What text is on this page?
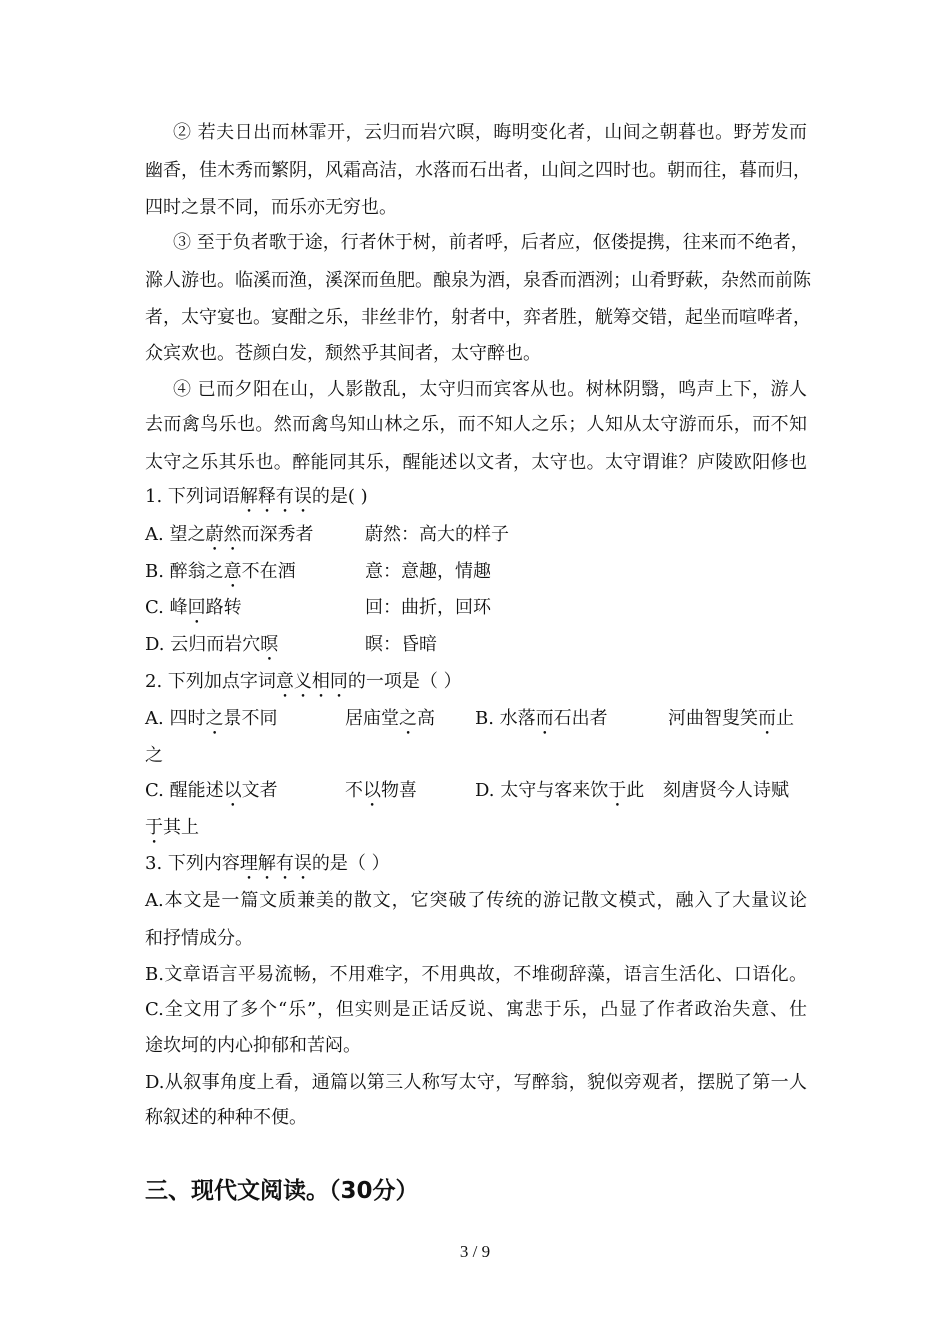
② 若夫日出而林霏开，云归而岩穴暝，晦明变化者，山间之朝暮也。野芳发而
幽香，佳木秀而繁阴，风霜高洁，水落而石出者，山间之四时也。朝而往，暮而归，
四时之景不同，而乐亦无穷也。
③ 至于负者歌于途，行者休于树，前者呼，后者应，伛偻提携，往来而不绝者，
滁人游也。临溪而渔，溪深而鱼肥。酿泉为酒，泉香而酒洌；山肴野蔌，杂然而前陈
者，太守宴也。宴酣之乐，非丝非竹，射者中，弈者胜，觥筹交错，起坐而喧哗者，
众宾欢也。苍颜白发，颓然乎其间者，太守醉也。
④ 已而夕阳在山，人影散乱，太守归而宾客从也。树林阴翳，鸣声上下，游人
去而禽鸟乐也。然而禽鸟知山林之乐，而不知人之乐；人知从太守游而乐，而不知
太守之乐其乐也。醉能同其乐，醒能述以文者，太守也。太守谓谁？庐陵欧阳修也
1. 下列词语解释有误的是( )
A. 望之蔚然而深秀者	蔚然：高大的样子
B. 醉翁之意不在酒	意：意趣，情趣
C. 峰回路转	回：曲折，回环
D. 云归而岩穴暝	暝：昏暗
2. 下列加点字词意义相同的一项是（ ）
A. 四时之景不同	居庙堂之高 B. 水落而石出者	河曲智叟笑而止
之
C. 醒能述以文者	不以物喜	D. 太守与客来饮于此 刻唐贤今人诗赋
于其上
3. 下列内容理解有误的是（ ）
A.本文是一篇文质兼美的散文，它突破了传统的游记散文模式，融入了大量议论
和抒情成分。
B.文章语言平易流畅，不用难字，不用典故，不堆砌辞藻，语言生活化、口语化。
C.全文用了多个“乐”，但实则是正话反说、寓悲于乐，凸显了作者政治失意、仕
途坎坷的内心抑郁和苦闷。
D.从叙事角度上看，通篇以第三人称写太守，写醉翁，貌似旁观者，摆脱了第一人
称叙述的种种不便。
三、现代文阅读。（30分）
3 / 9
